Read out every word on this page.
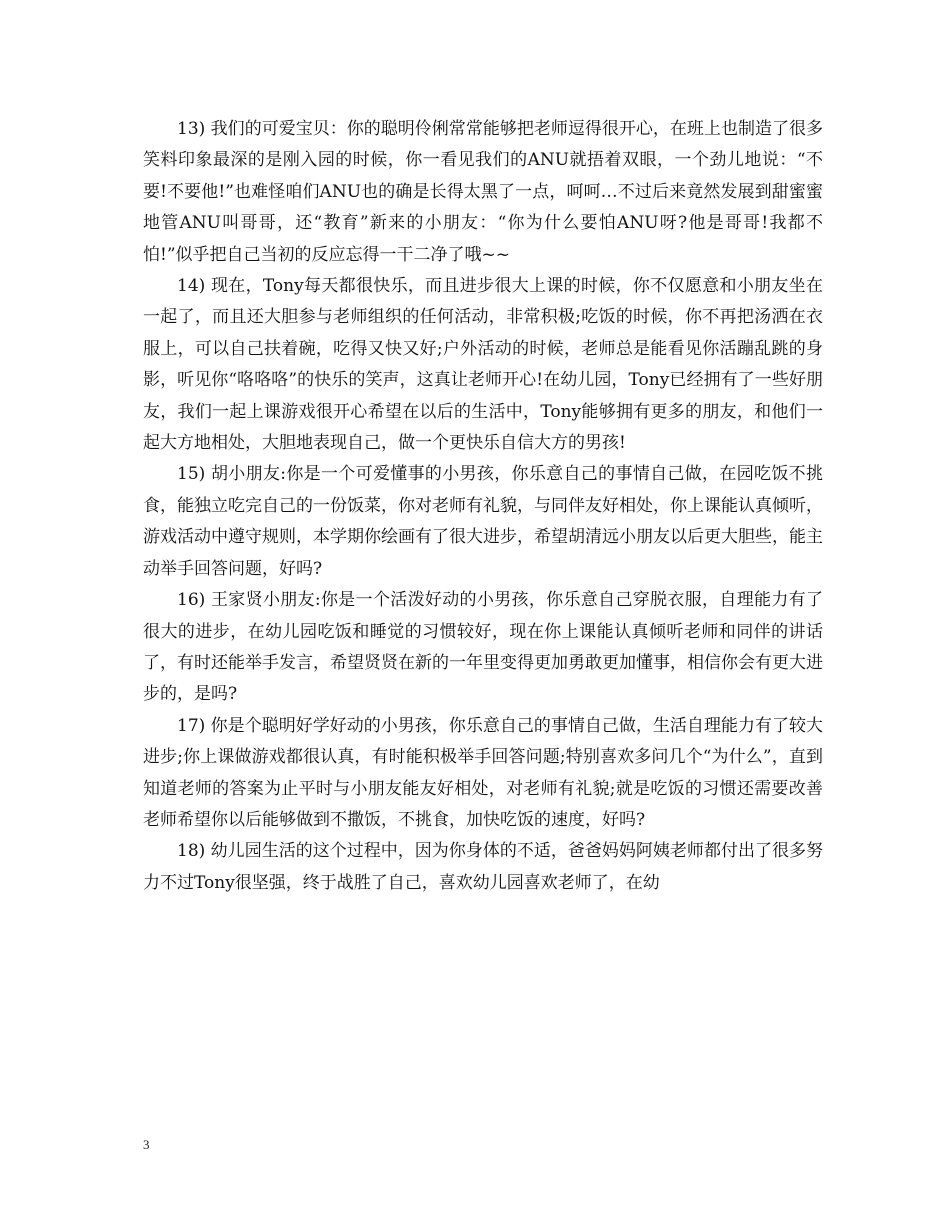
13) 我们的可爱宝贝：你的聪明伶俐常常能够把老师逗得很开心，在班上也制造了很多笑料印象最深的是刚入园的时候，你一看见我们的ANU就捂着双眼，一个劲儿地说：“不要!不要他!”也难怪咱们ANU也的确是长得太黑了一点，呵呵…不过后来竟然发展到甜蜜蜜地管ANU叫哥哥，还“教育”新来的小朋友：“你为什么要怕ANU呀?他是哥哥!我都不怕!”似乎把自己当初的反应忘得一干二净了哦~~

14) 现在，Tony每天都很快乐，而且进步很大上课的时候，你不仅愿意和小朋友坐在一起了，而且还大胆参与老师组织的任何活动，非常积极;吃饭的时候，你不再把汤洒在衣服上，可以自己扶着碗，吃得又快又好;户外活动的时候，老师总是能看见你活蹦乱跳的身影，听见你“咯咯咯”的快乐的笑声，这真让老师开心!在幼儿园，Tony已经拥有了一些好朋友，我们一起上课游戏很开心希望在以后的生活中，Tony能够拥有更多的朋友，和他们一起大方地相处，大胆地表现自己，做一个更快乐自信大方的男孩!

15) 胡小朋友:你是一个可爱懂事的小男孩，你乐意自己的事情自己做，在园吃饭不挑食，能独立吃完自己的一份饭菜，你对老师有礼貌，与同伴友好相处，你上课能认真倾听，游戏活动中遵守规则，本学期你绘画有了很大进步，希望胡清远小朋友以后更大胆些，能主动举手回答问题，好吗?

16) 王家贤小朋友:你是一个活泼好动的小男孩，你乐意自己穿脱衣服，自理能力有了很大的进步，在幼儿园吃饭和睡觉的习惯较好，现在你上课能认真倾听老师和同伴的讲话了，有时还能举手发言，希望贤贤在新的一年里变得更加勇敢更加懂事，相信你会有更大进步的，是吗?

17) 你是个聪明好学好动的小男孩，你乐意自己的事情自己做，生活自理能力有了较大进步;你上课做游戏都很认真，有时能积极举手回答问题;特别喜欢多问几个“为什么”，直到知道老师的答案为止平时与小朋友能友好相处，对老师有礼貌;就是吃饭的习惯还需要改善老师希望你以后能够做到不撒饭，不挑食，加快吃饭的速度，好吗?

18) 幼儿园生活的这个过程中，因为你身体的不适，爸爸妈妈阿姨老师都付出了很多努力不过Tony很坚强，终于战胜了自己，喜欢幼儿园喜欢老师了，在幼

3
